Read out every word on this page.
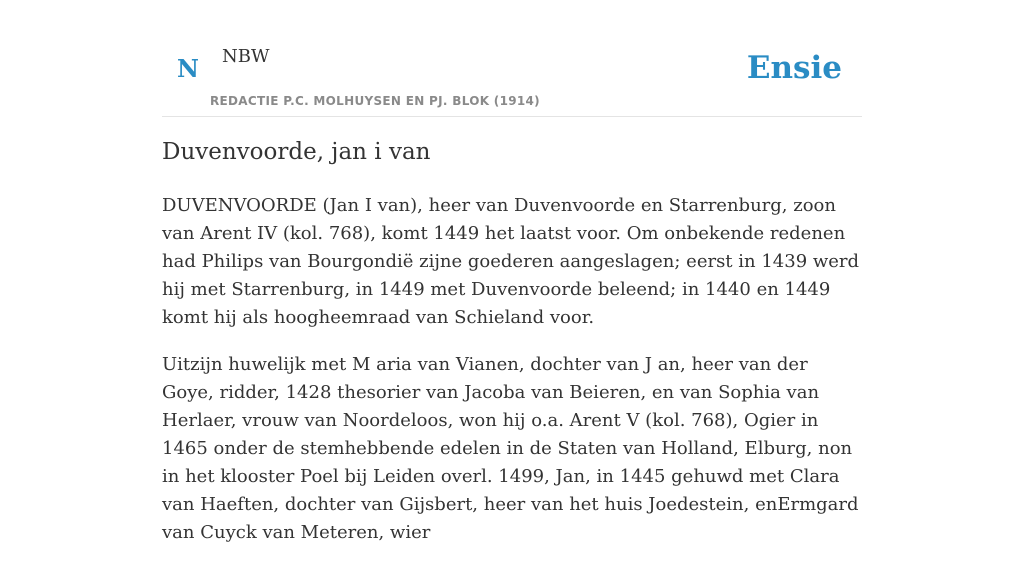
N NBW
REDACTIE P.C. MOLHUYSEN EN PJ. BLOK (1914)
Ensie
Duvenvoorde, jan i van

DUVENVOORDE (Jan I van), heer van Duvenvoorde en Starrenburg, zoon van Arent IV (kol. 768), komt 1449 het laatst voor. Om onbekende redenen had Philips van Bourgondië zijne goederen aangeslagen; eerst in 1439 werd hij met Starrenburg, in 1449 met Duvenvoorde beleend; in 1440 en 1449 komt hij als hoogheemraad van Schieland voor.

Uitzijn huwelijk met M aria van Vianen, dochter van J an, heer van der Goye, ridder, 1428 thesorier van Jacoba van Beieren, en van Sophia van Herlaer, vrouw van Noordeloos, won hij o.a. Arent V (kol. 768), Ogier in 1465 onder de stemhebbende edelen in de Staten van Holland, Elburg, non in het klooster Poel bij Leiden overl. 1499, Jan, in 1445 gehuwd met Clara van Haeften, dochter van Gijsbert, heer van het huis Joedestein, enErmgard van Cuyck van Meteren, wier
